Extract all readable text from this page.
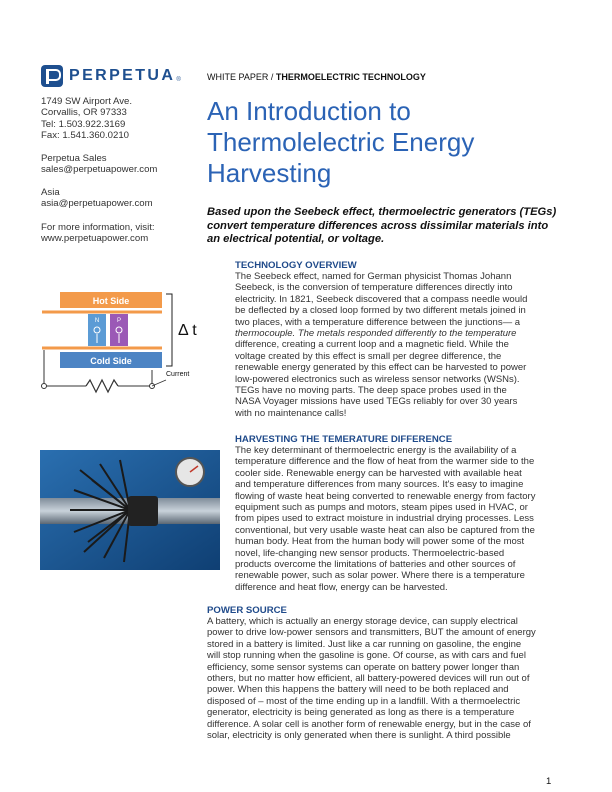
PERPETUA ®
1749 SW Airport Ave.
Corvallis, OR 97333
Tel: 1.503.922.3169
Fax: 1.541.360.0210
Perpetua Sales
sales@perpetuapower.com
Asia
asia@perpetuapower.com
For more information, visit:
www.perpetuapower.com
WHITE PAPER / THERMOELECTRIC TECHNOLOGY
An Introduction to Thermolelectric Energy Harvesting
Based upon the Seebeck effect, thermoelectric generators (TEGs) convert temperature differences across dissimilar materials into an electrical potential, or voltage.
Hot Side
N	P
Cold Side
Δ t
Current
TECHNOLOGY OVERVIEW
The Seebeck effect, named for German physicist Thomas Johann
Seebeck, is the conversion of temperature differences directly into
electricity. In 1821, Seebeck discovered that a compass needle would
be deflected by a closed loop formed by two different metals joined in
two places, with a temperature difference between the junctions— a
thermocouple. The metals responded differently to the temperature
difference, creating a current loop and a magnetic field. While the
voltage created by this effect is small per degree difference, the
renewable energy generated by this effect can be harvested to power
low-powered electronics such as wireless sensor networks (WSNs).
TEGs have no moving parts. The deep space probes used in the
NASA Voyager missions have used TEGs reliably for over 30 years
with no maintenance calls!
HARVESTING THE TEMERATURE DIFFERENCE
The key determinant of thermoelectric energy is the availability of a
temperature difference and the flow of heat from the warmer side to the
cooler side. Renewable energy can be harvested with available heat
and temperature differences from many sources. It's easy to imagine
flowing of waste heat being converted to renewable energy from factory
equipment such as pumps and motors, steam pipes used in HVAC, or
from pipes used to extract moisture in industrial drying processes. Less
conventional, but very usable waste heat can also be captured from the
human body. Heat from the human body will power some of the most
novel, life-changing new sensor products. Thermoelectric-based
products overcome the limitations of batteries and other sources of
renewable power, such as solar power. Where there is a temperature
difference and heat flow, energy can be harvested.
POWER SOURCE
A battery, which is actually an energy storage device, can supply electrical
power to drive low-power sensors and transmitters, BUT the amount of energy
stored in a battery is limited. Just like a car running on gasoline, the engine
will stop running when the gasoline is gone. Of course, as with cars and fuel
efficiency, some sensor systems can operate on battery power longer than
others, but no matter how efficient, all battery-powered devices will run out of
power. When this happens the battery will need to be both replaced and
disposed of – most of the time ending up in a landfill. With a thermoelectric
generator, electricity is being generated as long as there is a temperature
difference. A solar cell is another form of renewable energy, but in the case of
solar, electricity is only generated when there is sunlight. A third possible
1
